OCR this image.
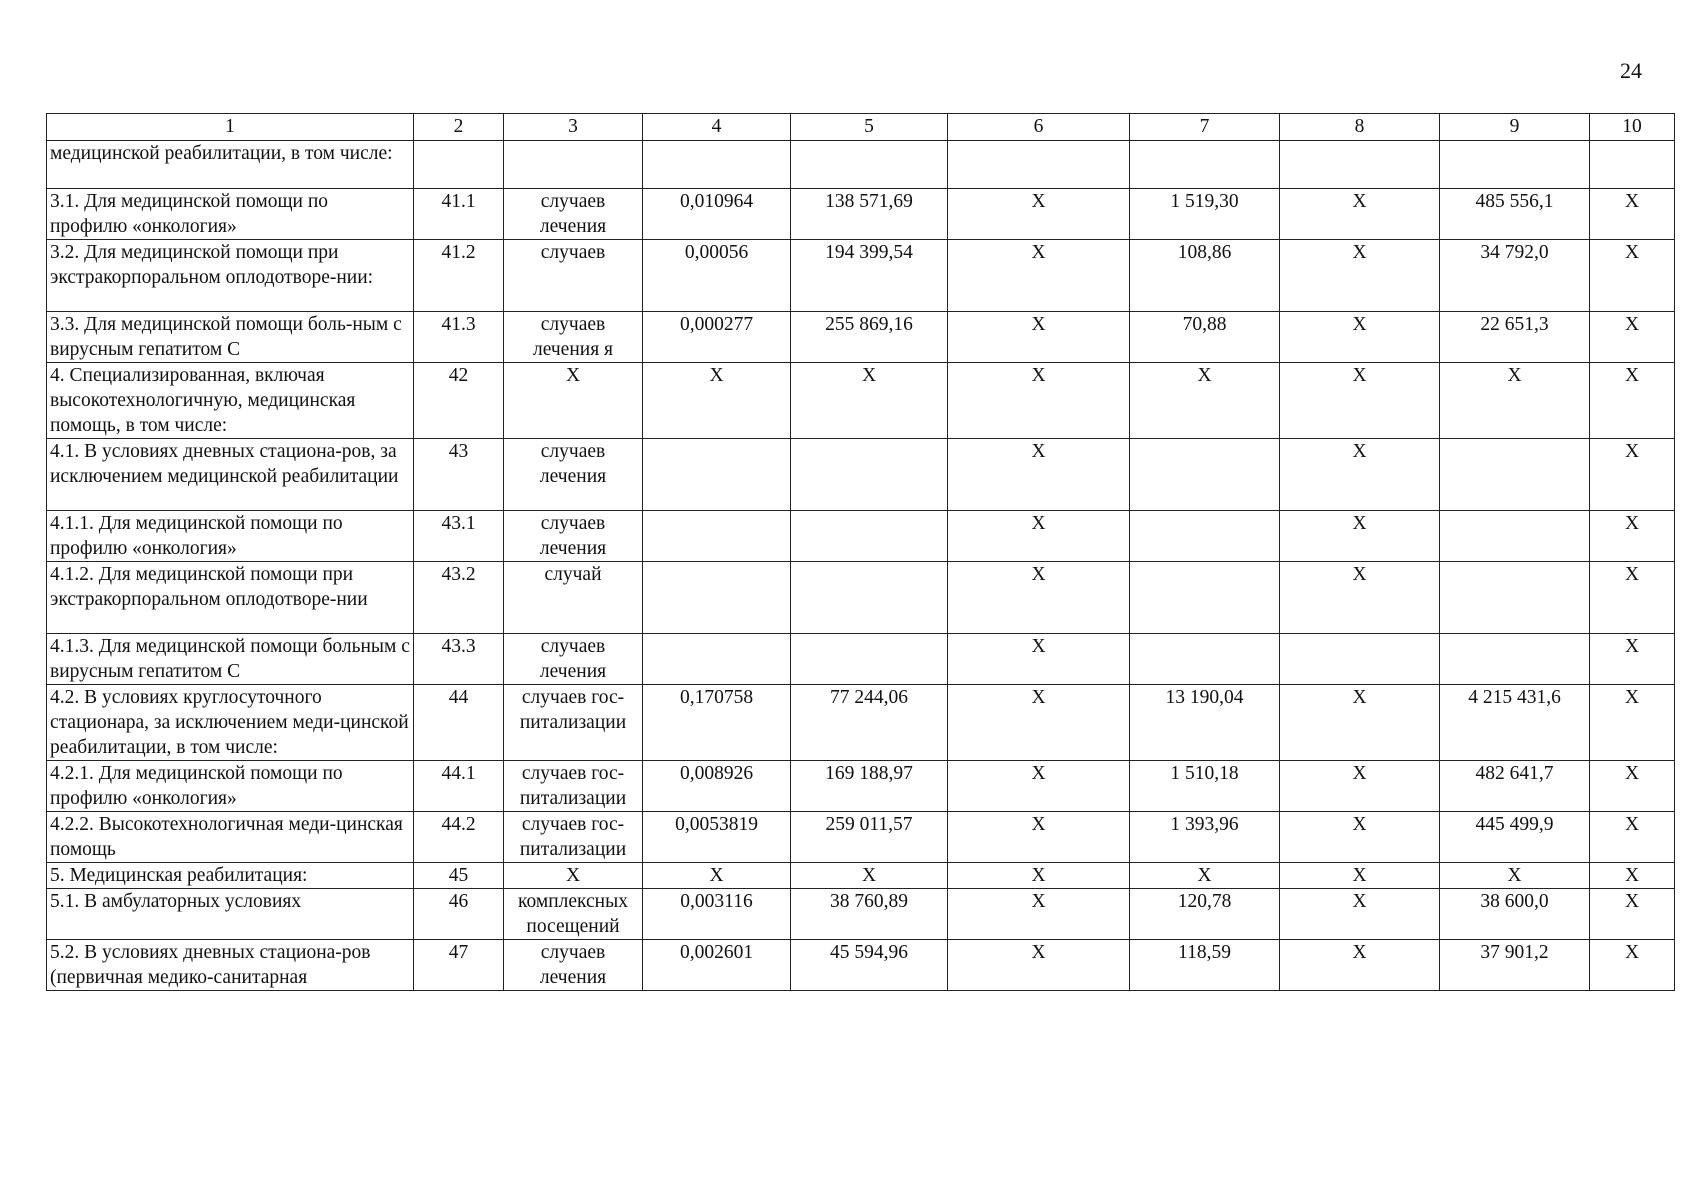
24
1	2	3	4	5	6	7	8	9	10
медицинской реабилитации, в том числе:									
3.1. Для медицинской помощи по профилю «онкология»	41.1	случаев лечения	0,010964	138 571,69	X	1 519,30	X	485 556,1	X
3.2. Для медицинской помощи при экстракорпоральном оплодотворе-нии:	41.2	случаев	0,00056	194 399,54	X	108,86	X	34 792,0	X
3.3. Для медицинской помощи боль-ным с вирусным гепатитом С	41.3	случаев лечения я	0,000277	255 869,16	X	70,88	X	22 651,3	X
4. Специализированная, включая высокотехнологичную, медицинская помощь, в том числе:	42	X	X	X	X	X	X	X	X
4.1. В условиях дневных стациона-ров, за исключением медицинской реабилитации	43	случаев лечения			X		X		X
4.1.1. Для медицинской помощи по профилю «онкология»	43.1	случаев лечения			X		X		X
4.1.2. Для медицинской помощи при экстракорпоральном оплодотворе-нии	43.2	случай			X		X		X
4.1.3. Для медицинской помощи больным с вирусным гепатитом С	43.3	случаев лечения			X				X
4.2. В условиях круглосуточного стационара, за исключением меди-цинской реабилитации, в том числе:	44	случаев гос-питализации	0,170758	77 244,06	X	13 190,04	X	4 215 431,6	X
4.2.1. Для медицинской помощи по профилю «онкология»	44.1	случаев гос-питализации	0,008926	169 188,97	X	1 510,18	X	482 641,7	X
4.2.2. Высокотехнологичная меди-цинская помощь	44.2	случаев гос-питализации	0,0053819	259 011,57	X	1 393,96	X	445 499,9	X
5. Медицинская реабилитация:	45	X	X	X	X	X	X	X	X
5.1. В амбулаторных условиях	46	комплексных посещений	0,003116	38 760,89	X	120,78	X	38 600,0	X
5.2. В условиях дневных стациона-ров (первичная медико-санитарная	47	случаев лечения	0,002601	45 594,96	X	118,59	X	37 901,2	X
